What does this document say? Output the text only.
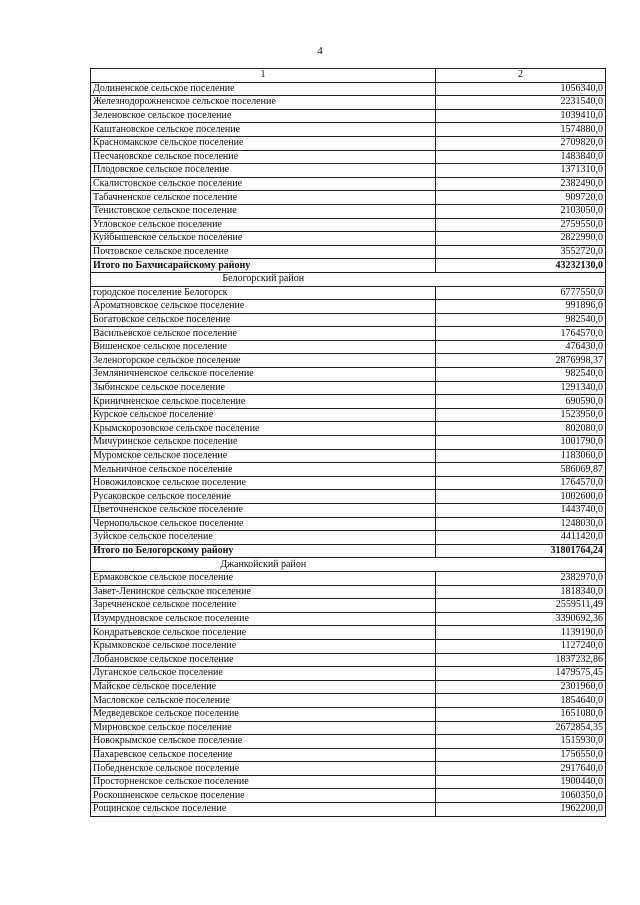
4
1	2
Долиненское сельское поселение	1056340,0
Железнодорожненское сельское поселение	2231540,0
Зеленовское сельское поселение	1039410,0
Каштановское сельское поселение	1574880,0
Красномакское сельское поселение	2709820,0
Песчановское сельское поселение	1483840,0
Плодовское сельское поселение	1371310,0
Скалистовское сельское поселение	2382490,0
Табачненское сельское поселение	909720,0
Тенистовское сельское поселение	2103050,0
Угловское сельское поселение	2759550,0
Куйбышевское сельское поселение	2822990,0
Почтовское сельское поселение	3552720,0
Итого по Бахчисарайскому району	43232130,0
Белогорский район	
городское поселение Белогорск	6777550,0
Ароматновское сельское поселение	991896,0
Богатовское сельское поселение	982540,0
Васильевское сельское поселение	1764570,0
Вишенское сельское поселение	476430,0
Зеленогорское сельское поселение	2876998,37
Земляничненское сельское поселение	982540,0
Зыбинское сельское поселение	1291340,0
Криничненское сельское поселение	690590,0
Курское сельское поселение	1523950,0
Крымскорозовское сельское поселение	802080,0
Мичуринское сельское поселение	1001790,0
Муромское сельское поселение	1183060,0
Мельничное сельское поселение	586069,87
Новожиловское сельское поселение	1764570,0
Русаковское сельское поселение	1002600,0
Цветочненское сельское поселение	1443740,0
Чернопольское сельское поселение	1248030,0
Зуйское сельское поселение	4411420,0
Итого по Белогорскому району	31801764,24
Джанкойский район	
Ермаковское сельское поселение	2382970,0
Завет-Ленинское сельское поселение	1818340,0
Заречненское сельское поселение	2559511,49
Изумрудновское сельское поселение	3390692,36
Кондратьевское сельское поселение	1139190,0
Крымковское сельское поселение	1127240,0
Лобановское сельское поселение	1837232,86
Луганское сельское поселение	1479575,45
Майское сельское поселение	2301960,0
Масловское сельское поселение	1854640,0
Медведевское сельское поселение	1651080,0
Мирновское сельское поселение	2672854,35
Новокрымское сельское поселение	1515930,0
Пахаревское сельское поселение	1756550,0
Победненское сельское поселение	2917640,0
Просторненское сельское поселение	1900440,0
Роскошненское сельское поселение	1060350,0
Рощинское сельское поселение	1962200,0
